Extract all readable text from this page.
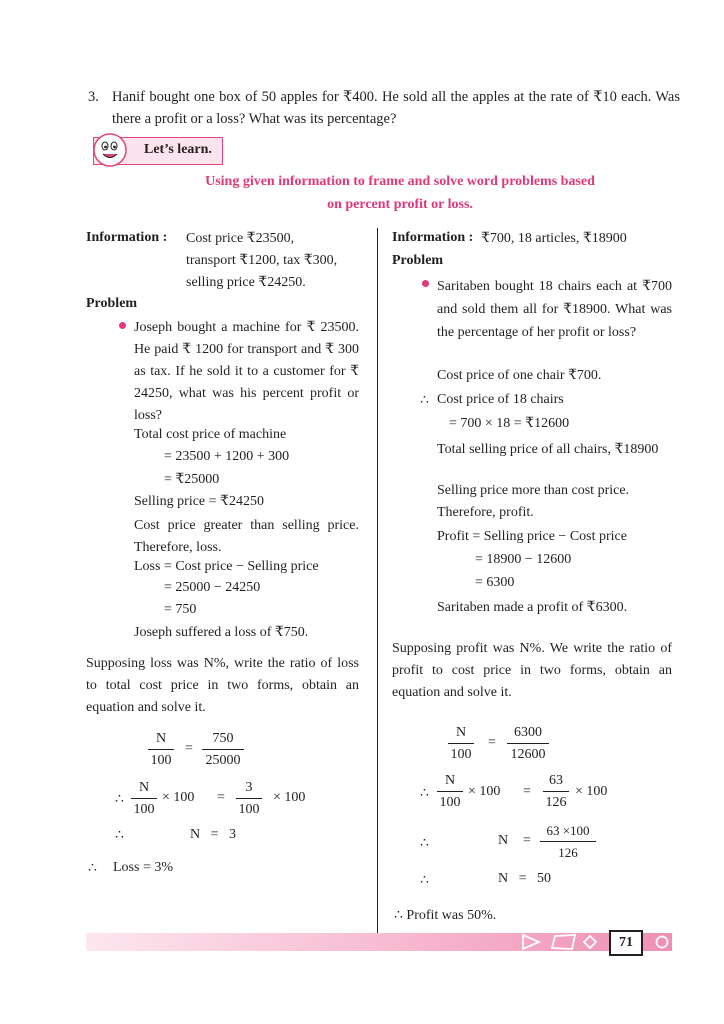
3. Hanif bought one box of 50 apples for ₹400. He sold all the apples at the rate of ₹10 each. Was there a profit or a loss? What was its percentage?
Let’s learn.
Using given information to frame and solve word problems based
on percent profit or loss.
Information : Cost price ₹23500,
transport ₹1200, tax ₹300,
selling price ₹24250.
Problem
Joseph bought a machine for ₹ 23500. He paid ₹ 1200 for transport and ₹ 300 as tax. If he sold it to a customer for ₹ 24250, what was his percent profit or loss?
Total cost price of machine
= 23500 + 1200 + 300
= ₹25000
Selling price = ₹24250
Cost price greater than selling price. Therefore, loss.
Loss = Cost price − Selling price
= 25000 − 24250
= 750
Joseph suffered a loss of ₹750.
Supposing loss was N%, write the ratio of loss to total cost price in two forms, obtain an equation and solve it.
$\frac{N}{100} = \frac{750}{25000}$
∴ $\frac{N}{100} \times 100 = \frac{3}{100} \times 100$
∴	N   =   3
∴ Loss = 3%
Information : ₹700, 18 articles, ₹18900
Problem
Saritaben bought 18 chairs each at ₹700 and sold them all for ₹18900. What was the percentage of her profit or loss?
Cost price of one chair ₹700.
∴ Cost price of 18 chairs
= 700 × 18 = ₹12600
Total selling price of all chairs, ₹18900
Selling price more than cost price.
Therefore, profit.
Profit = Selling price − Cost price
= 18900 − 12600
= 6300
Saritaben made a profit of ₹6300.
Supposing profit was N%. We write the ratio of profit to cost price in two forms, obtain an equation and solve it.
$\frac{N}{100} = \frac{6300}{12600}$
∴ $\frac{N}{100} \times 100 = \frac{63}{126} \times 100$
∴	$N = \frac{63 \times 100}{126}$
∴	N   =   50
∴ Profit was 50%.
71
